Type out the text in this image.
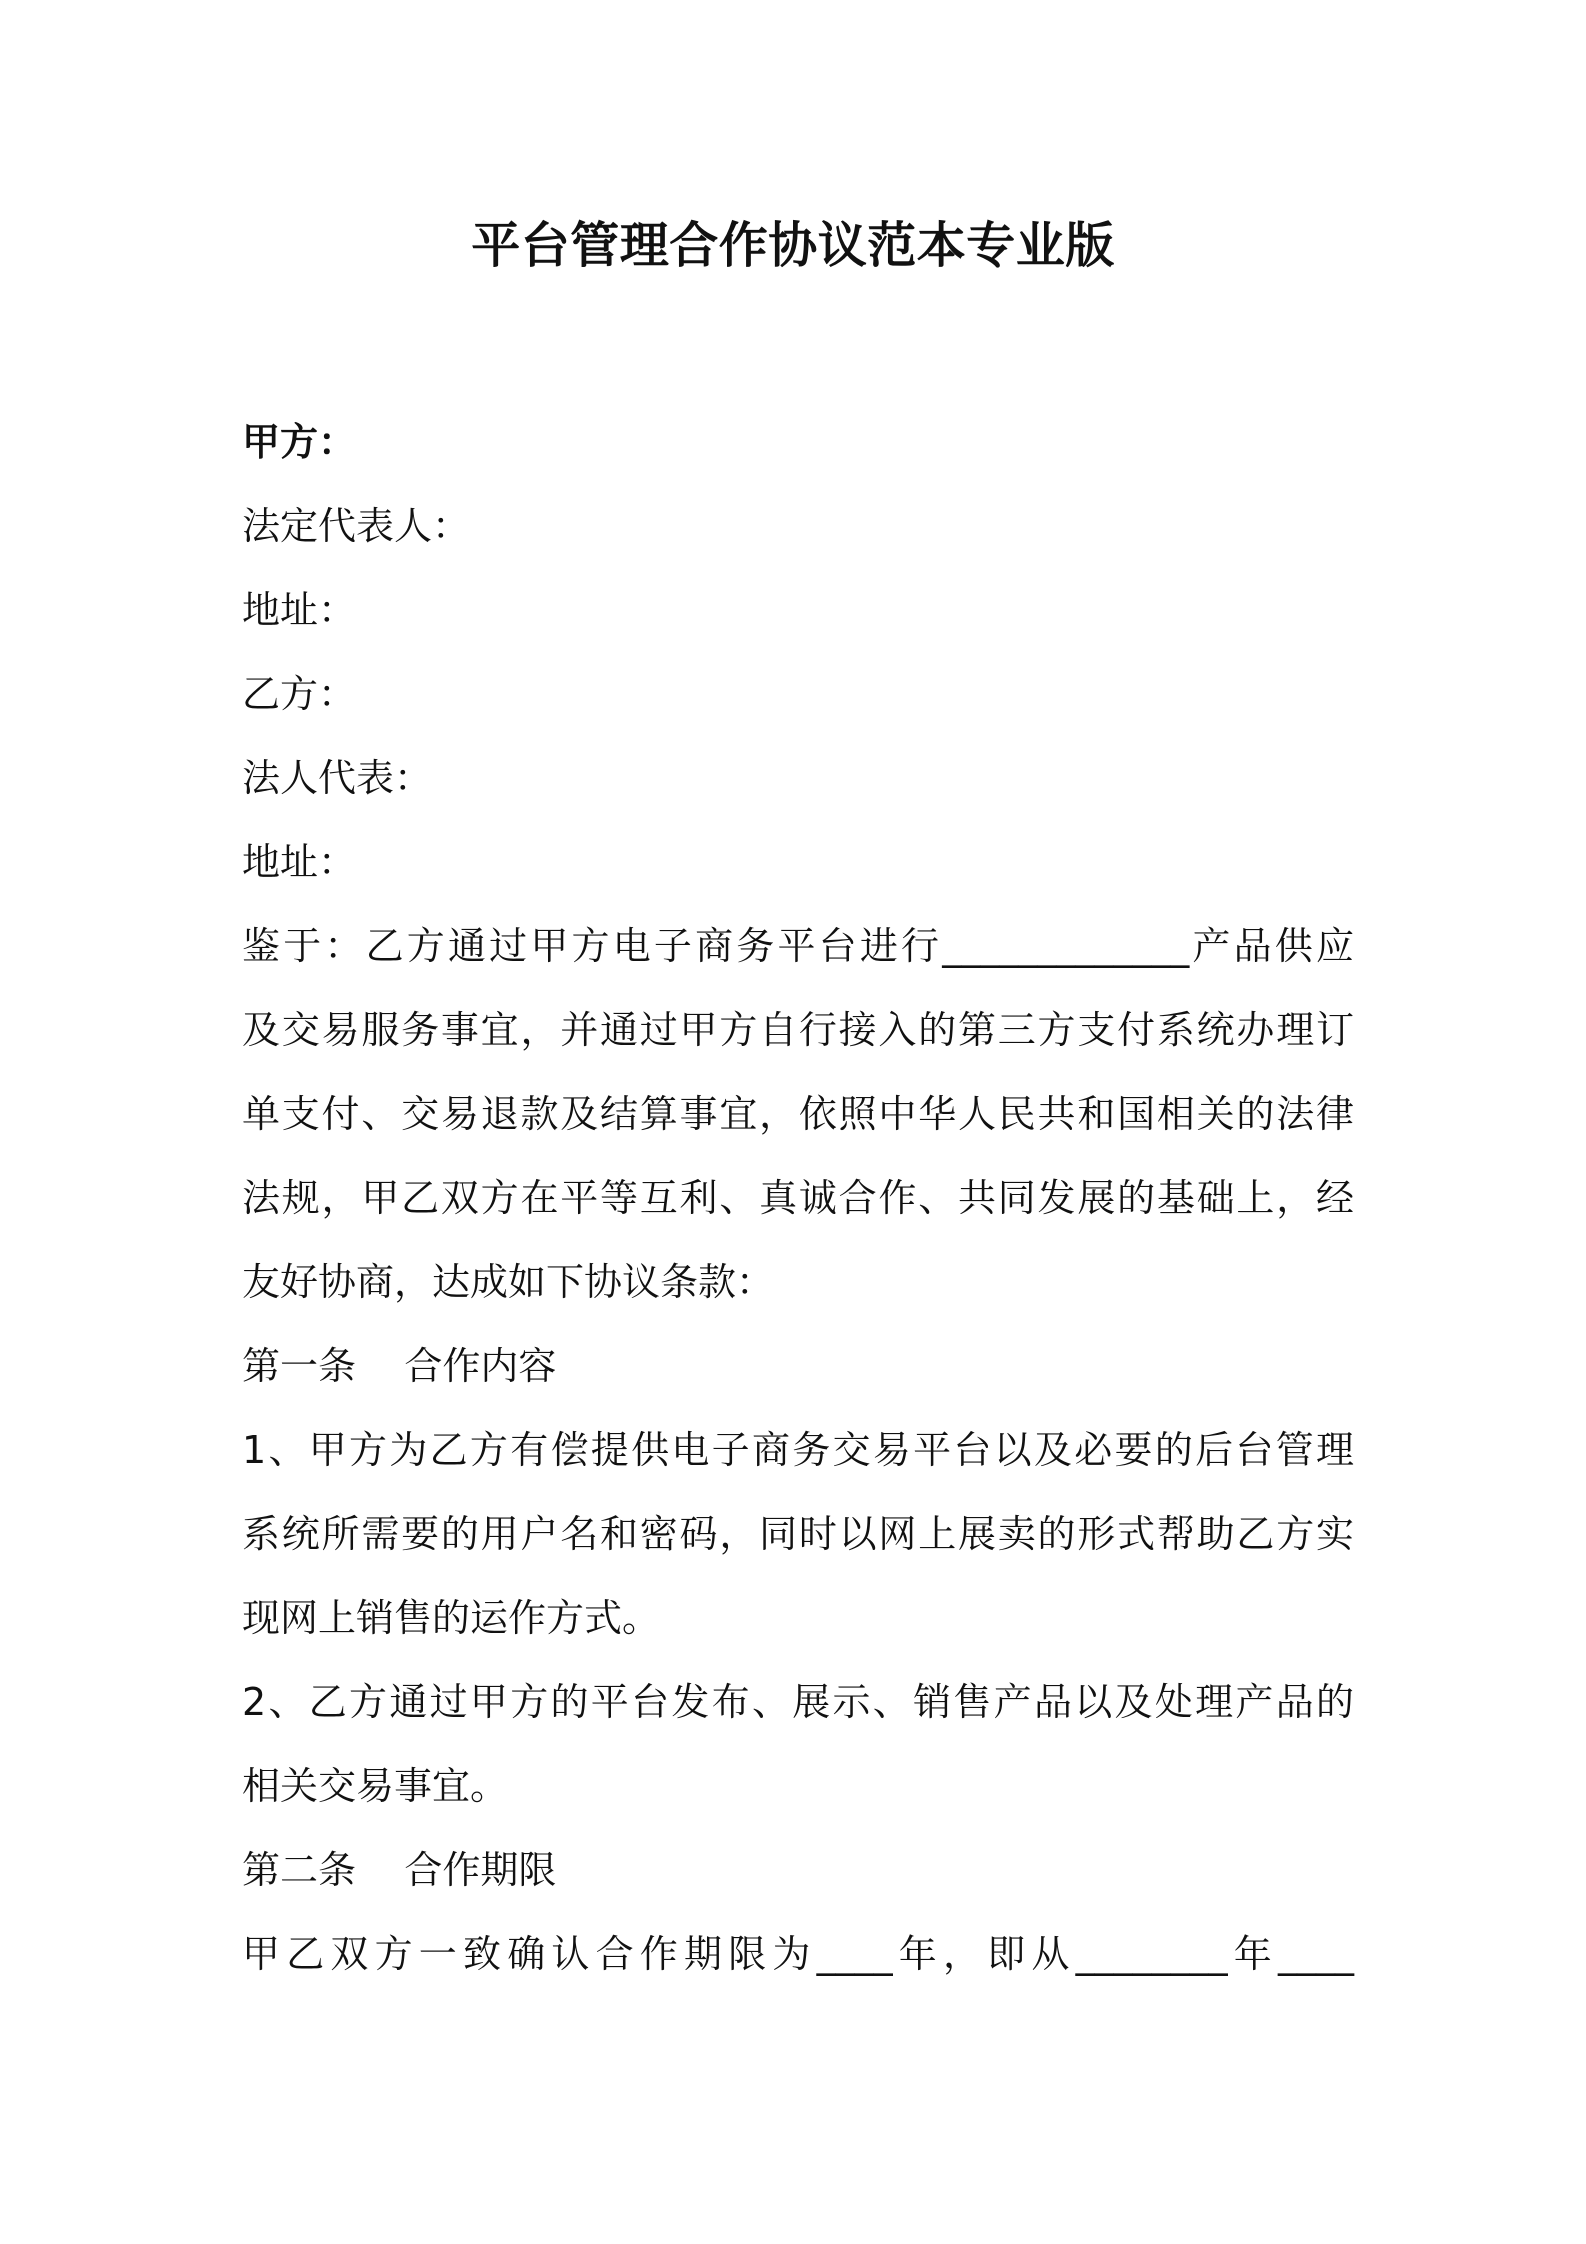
平台管理合作协议范本专业版
甲方：
法定代表人：
地址：
乙方：
法人代表：
地址：
鉴于：乙方通过甲方电子商务平台进行_____________产品供应
及交易服务事宜，并通过甲方自行接入的第三方支付系统办理订
单支付、交易退款及结算事宜，依照中华人民共和国相关的法律
法规，甲乙双方在平等互利、真诚合作、共同发展的基础上，经
友好协商，达成如下协议条款：
第一条    合作内容
1、甲方为乙方有偿提供电子商务交易平台以及必要的后台管理
系统所需要的用户名和密码，同时以网上展卖的形式帮助乙方实
现网上销售的运作方式。
2、乙方通过甲方的平台发布、展示、销售产品以及处理产品的
相关交易事宜。
第二条    合作期限
甲乙双方一致确认合作期限为____年，即从________年____
